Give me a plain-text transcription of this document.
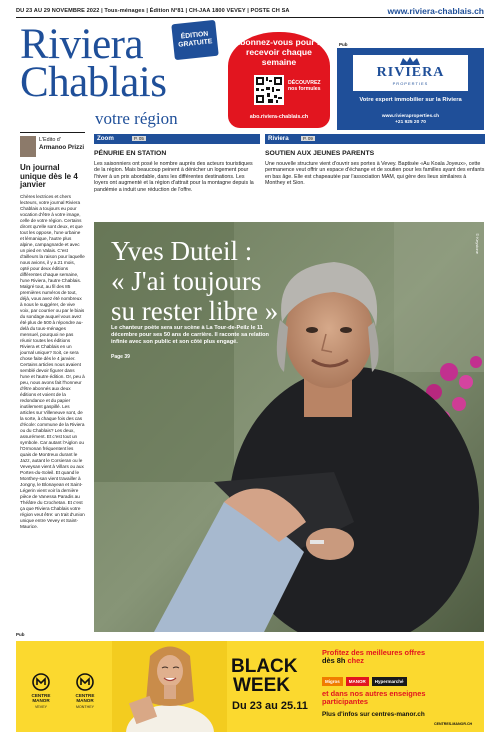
DU 23 AU 29 NOVEMBRE 2022 | Tous-ménages | Édition N°81 | CH-JAA 1800 VEVEY | POSTE CH SA	www.riviera-chablais.ch
Riviera
Chablais
votre région
ÉDITION
GRATUITE	Abonnez-vous pour le recevoir chaque semaine
DÉCOUVREZ nos formules
abo.riviera-chablais.ch
Pub
RIVIERA
PROPERTIES
Votre expert immobilier sur la Riviera
www.rivieraproperties.ch
+21 925 20 70
L'Edito d'
Armanoo Prizzi
Un journal unique dès le 4 janvier
Chères lectrices et chers lecteurs, votre journal Riviera Chablais a toujours eu pour vocation d'être à votre image, celle de votre région. Certains diront qu'elle sont deux, et que tout les oppose, l'une urbaine et lémanique, l'autre plus alpine, campagnarde et avec un pied en Valais. C'est d'ailleurs la raison pour laquelle nous avions, il y a 21 mois, opté pour deux éditions différentes chaque semaine, l'une Riviera, l'autre Chablais. Malgré tout, au fil des 85 premières numéros de tout, déjà, vous avez été nombreux à nous le suggérer, de vive voix, par courrier ou par le biais du sondage auquel vous avez été plus de 500 à répondre au-delà du tous-ménages mensuel, pourquoi ne pas réunir toutes les éditions Riviera et Chablais en un journal unique? Soit, ce sera chose faite dès le 4 janvier. Certains articles nous avaient semblé devoir figurer dans l'une et l'autre édition. Or, peu à peu, nous avons fait l'honneur d'être abonnés aux deux éditions et voient de la redondance et du papier inutilement gaspillé. Les articles sur Villeneuve sont, de la sorte, à chaque fois des cas d'école: commune de la Riviera ou du Chablais? Les deux, assurément. Et c'est tout un symbole. Car autant l'Aiglon ou l'Ormonan fréquentent les quais de Montreux durant le Jazz, autant le Corsieran ou le Veveysan vient à Villars ou aux Portes-du-Soleil. Et quand le Monthey-san vient travailler à Jongny, le Blonayean et Saint-Légerin vient voir la dernière pièce de Vanessa Paradis au Théâtre du Crochetan. Et c'est ça que Riviera Chablais votre région veut être: un trait d'union unique entre Vevey et Saint-Maurice.
Zoom	P. 05
PÉNURIE EN STATION
Les saisonniers ont posé le nombre auprès des acteurs touristiques de la région. Mais beaucoup peinent à dénicher un logement pour l'hiver à un prix abordable, dans les différentes destinations. Les loyers ont augmenté et la région d'attrait pour la montagne depuis la pandémie a induit une réduction de l'offre.
Riviera	P. 09
SOUTIEN AUX JEUNES PARENTS
Une nouvelle structure vient d'ouvrir ses portes à Vevey. Baptisée «Au Koala Joyeux», cette permanence veut offrir un espace d'échange et de soutien pour les familles ayant des enfants en bas âge. Elle est chapeautée par l'association MAM, qui gère des lieux similaires à Monthey et Sion.
Yves Duteil :
« J'ai toujours
su rester libre »
Le chanteur poète sera sur scène à La Tour-de-Peilz le 11 décembre pour ses 50 ans de carrière. Il raconte sa relation infinie avec son public et son côté plus engagé.
Page 39
© Keystone
Pub
CENTRE
MANOR
VEVEY
CENTRE
MANOR
MONTHEY
BLACK
WEEK
Du 23 au 25.11
Profitez des meilleures offres dès 8h chez
Migros	MANOR	Hypermarché
et dans nos autres enseignes participantes
Plus d'infos sur centres-manor.ch
CENTRES-MANOR.CH
